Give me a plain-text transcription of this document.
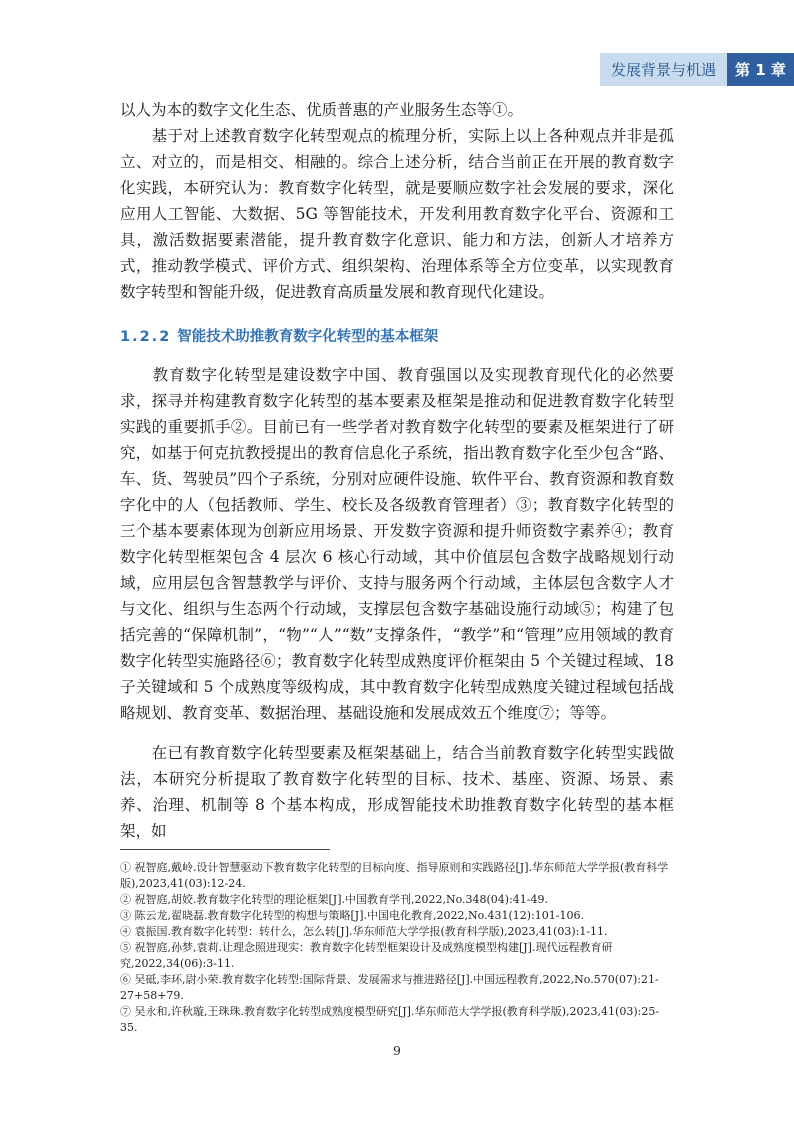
发展背景与机遇	第 1 章

以人为本的数字文化生态、优质普惠的产业服务生态等①。

　　基于对上述教育数字化转型观点的梳理分析，实际上以上各种观点并非是孤立、对立的，而是相交、相融的。综合上述分析，结合当前正在开展的教育数字化实践，本研究认为：教育数字化转型，就是要顺应数字社会发展的要求，深化应用人工智能、大数据、5G 等智能技术，开发利用教育数字化平台、资源和工具，激活数据要素潜能，提升教育数字化意识、能力和方法，创新人才培养方式，推动教学模式、评价方式、组织架构、治理体系等全方位变革，以实现教育数字转型和智能升级，促进教育高质量发展和教育现代化建设。

1.2.2 智能技术助推教育数字化转型的基本框架

　　教育数字化转型是建设数字中国、教育强国以及实现教育现代化的必然要求，探寻并构建教育数字化转型的基本要素及框架是推动和促进教育数字化转型实践的重要抓手②。目前已有一些学者对教育数字化转型的要素及框架进行了研究，如基于何克抗教授提出的教育信息化子系统，指出教育数字化至少包含“路、车、货、驾驶员”四个子系统，分别对应硬件设施、软件平台、教育资源和教育数字化中的人（包括教师、学生、校长及各级教育管理者）③；教育数字化转型的三个基本要素体现为创新应用场景、开发数字资源和提升师资数字素养④；教育数字化转型框架包含 4 层次 6 核心行动域，其中价值层包含数字战略规划行动域，应用层包含智慧教学与评价、支持与服务两个行动域，主体层包含数字人才与文化、组织与生态两个行动域，支撑层包含数字基础设施行动域⑤；构建了包括完善的“保障机制”，“物”“人”“数”支撑条件，“教学”和“管理”应用领域的教育数字化转型实施路径⑥；教育数字化转型成熟度评价框架由 5 个关键过程域、18 子关键域和 5 个成熟度等级构成，其中教育数字化转型成熟度关键过程域包括战略规划、教育变革、数据治理、基础设施和发展成效五个维度⑦；等等。

　　在已有教育数字化转型要素及框架基础上，结合当前教育数字化转型实践做法，本研究分析提取了教育数字化转型的目标、技术、基座、资源、场景、素养、治理、机制等 8 个基本构成，形成智能技术助推教育数字化转型的基本框架，如

① 祝智庭,戴岭.设计智慧驱动下教育数字化转型的目标向度、指导原则和实践路径[J].华东师范大学学报(教育科学版),2023,41(03):12-24.

② 祝智庭,胡姣.教育数字化转型的理论框架[J].中国教育学刊,2022,No.348(04):41-49.

③ 陈云龙,翟晓磊.教育数字化转型的构想与策略[J].中国电化教育,2022,No.431(12):101-106.

④ 袁振国.教育数字化转型：转什么，怎么转[J].华东师范大学学报(教育科学版),2023,41(03):1-11.

⑤ 祝智庭,孙梦,袁莉.让理念照进现实：教育数字化转型框架设计及成熟度模型构建[J].现代远程教育研究,2022,34(06):3-11.

⑥ 吴砥,李环,尉小荣.教育数字化转型:国际背景、发展需求与推进路径[J].中国远程教育,2022,No.570(07):21-27+58+79.

⑦ 吴永和,许秋璇,王珠珠.教育数字化转型成熟度模型研究[J].华东师范大学学报(教育科学版),2023,41(03):25-35.

9
